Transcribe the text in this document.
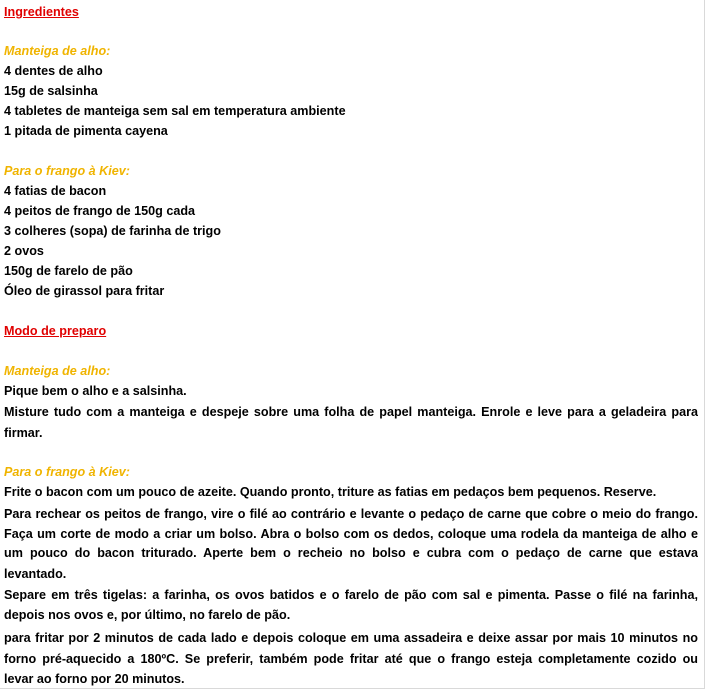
Ingredientes
Manteiga de alho:
4 dentes de alho
15g de salsinha
4 tabletes de manteiga sem sal em temperatura ambiente
1 pitada de pimenta cayena
Para o frango à Kiev:
4 fatias de bacon
4 peitos de frango de 150g cada
3 colheres (sopa) de farinha de trigo
2 ovos
150g de farelo de pão
Óleo de girassol para fritar
Modo de preparo
Manteiga de alho:
Pique bem o alho e a salsinha.
Misture tudo com a manteiga e despeje sobre uma folha de papel manteiga. Enrole e leve para a geladeira para
firmar.
Para o frango à Kiev:
Frite o bacon com um pouco de azeite. Quando pronto, triture as fatias em pedaços bem pequenos. Reserve.
Para rechear os peitos de frango, vire o filé ao contrário e levante o pedaço de carne que cobre o meio do frango.
Faça um corte de modo a criar um bolso. Abra o bolso com os dedos, coloque uma rodela da manteiga de alho e
um pouco do bacon triturado. Aperte bem o recheio no bolso e cubra com o pedaço de carne que estava
levantado.
Separe em três tigelas: a farinha, os ovos batidos e o farelo de pão com sal e pimenta. Passe o filé na farinha,
depois nos ovos e, por último, no farelo de pão.
para fritar por 2 minutos de cada lado e depois coloque em uma assadeira e deixe assar por mais 10 minutos no
forno pré-aquecido a 180ºC. Se preferir, também pode fritar até que o frango esteja completamente cozido ou
levar ao forno por 20 minutos.
